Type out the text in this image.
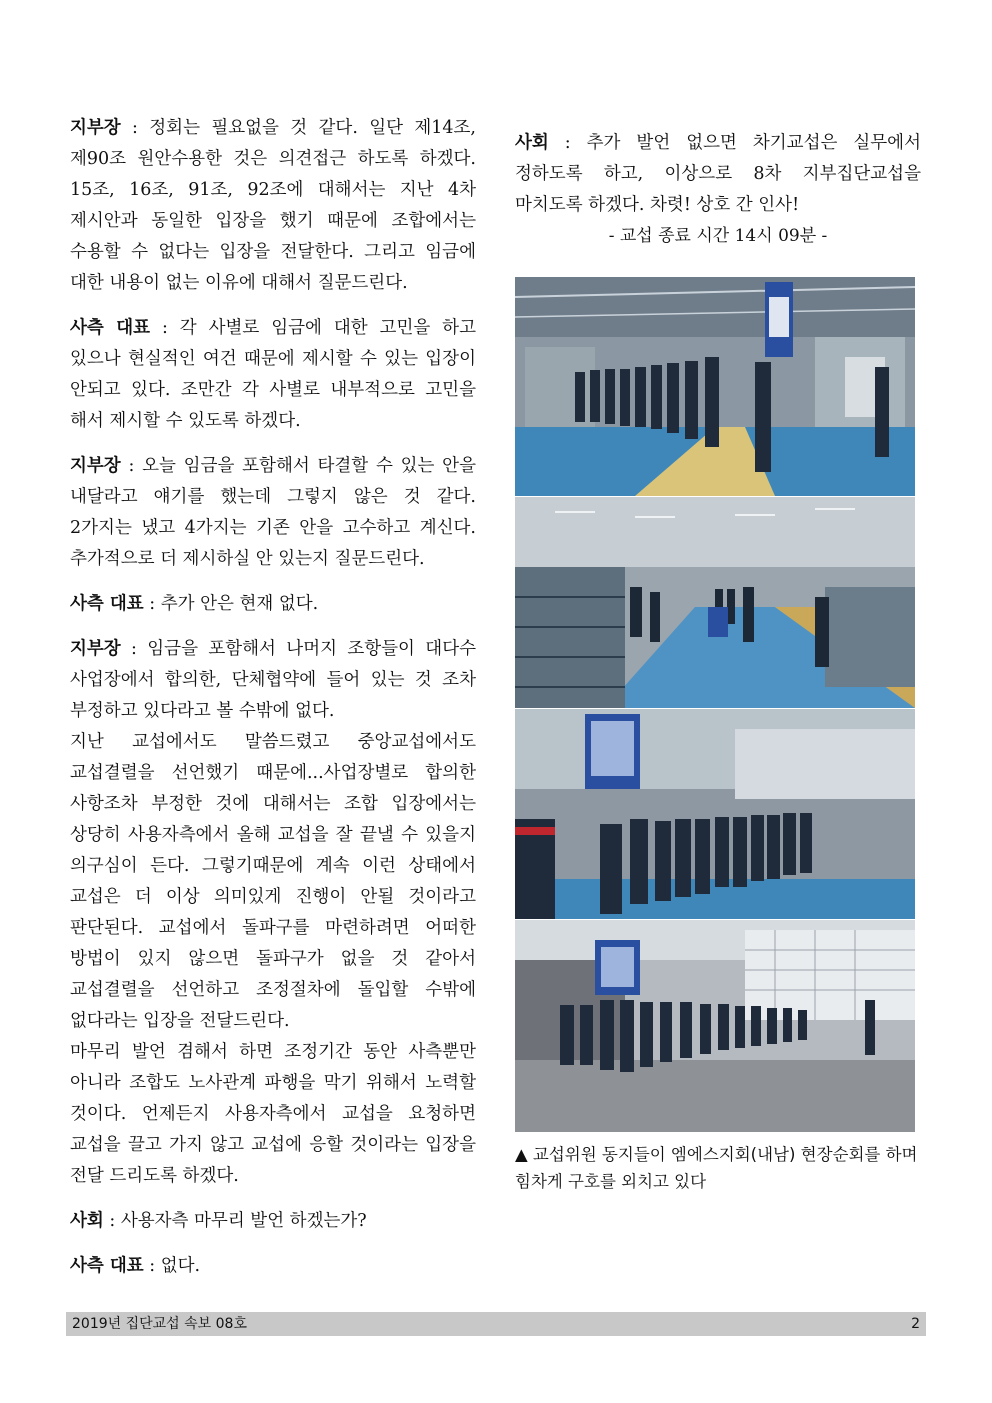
지부장 : 정회는 필요없을 것 같다. 일단 제14조, 제90조 원안수용한 것은 의견접근 하도록 하겠다. 15조, 16조, 91조, 92조에 대해서는 지난 4차 제시안과 동일한 입장을 했기 때문에 조합에서는 수용할 수 없다는 입장을 전달한다. 그리고 임금에 대한 내용이 없는 이유에 대해서 질문드린다.

사측 대표 : 각 사별로 임금에 대한 고민을 하고 있으나 현실적인 여건 때문에 제시할 수 있는 입장이 안되고 있다. 조만간 각 사별로 내부적으로 고민을 해서 제시할 수 있도록 하겠다.

지부장 : 오늘 임금을 포함해서 타결할 수 있는 안을 내달라고 얘기를 했는데 그렇지 않은 것 같다. 2가지는 냈고 4가지는 기존 안을 고수하고 계신다. 추가적으로 더 제시하실 안 있는지 질문드린다.

사측 대표 : 추가 안은 현재 없다.

지부장 : 임금을 포함해서 나머지 조항들이 대다수 사업장에서 합의한, 단체협약에 들어 있는 것 조차 부정하고 있다라고 볼 수밖에 없다.

지난 교섭에서도 말씀드렸고 중앙교섭에서도 교섭결렬을 선언했기 때문에...사업장별로 합의한 사항조차 부정한 것에 대해서는 조합 입장에서는 상당히 사용자측에서 올해 교섭을 잘 끝낼 수 있을지 의구심이 든다. 그렇기때문에 계속 이런 상태에서 교섭은 더 이상 의미있게 진행이 안될 것이라고 판단된다. 교섭에서 돌파구를 마련하려면 어떠한 방법이 있지 않으면 돌파구가 없을 것 같아서 교섭결렬을 선언하고 조정절차에 돌입할 수밖에 없다라는 입장을 전달드린다.

마무리 발언 겸해서 하면 조정기간 동안 사측뿐만 아니라 조합도 노사관계 파행을 막기 위해서 노력할 것이다. 언제든지 사용자측에서 교섭을 요청하면 교섭을 끌고 가지 않고 교섭에 응할 것이라는 입장을 전달 드리도록 하겠다.

사회 : 사용자측 마무리 발언 하겠는가?

사측 대표 : 없다.

사회 : 추가 발언 없으면 차기교섭은 실무에서 정하도록 하고, 이상으로 8차 지부집단교섭을 마치도록 하겠다. 차렷! 상호 간 인사!

- 교섭 종료 시간 14시 09분 -
▲ 교섭위원 동지들이 엠에스지회(내남) 현장순회를 하며 힘차게 구호를 외치고 있다
2019년 집단교섭 속보 08호	2
